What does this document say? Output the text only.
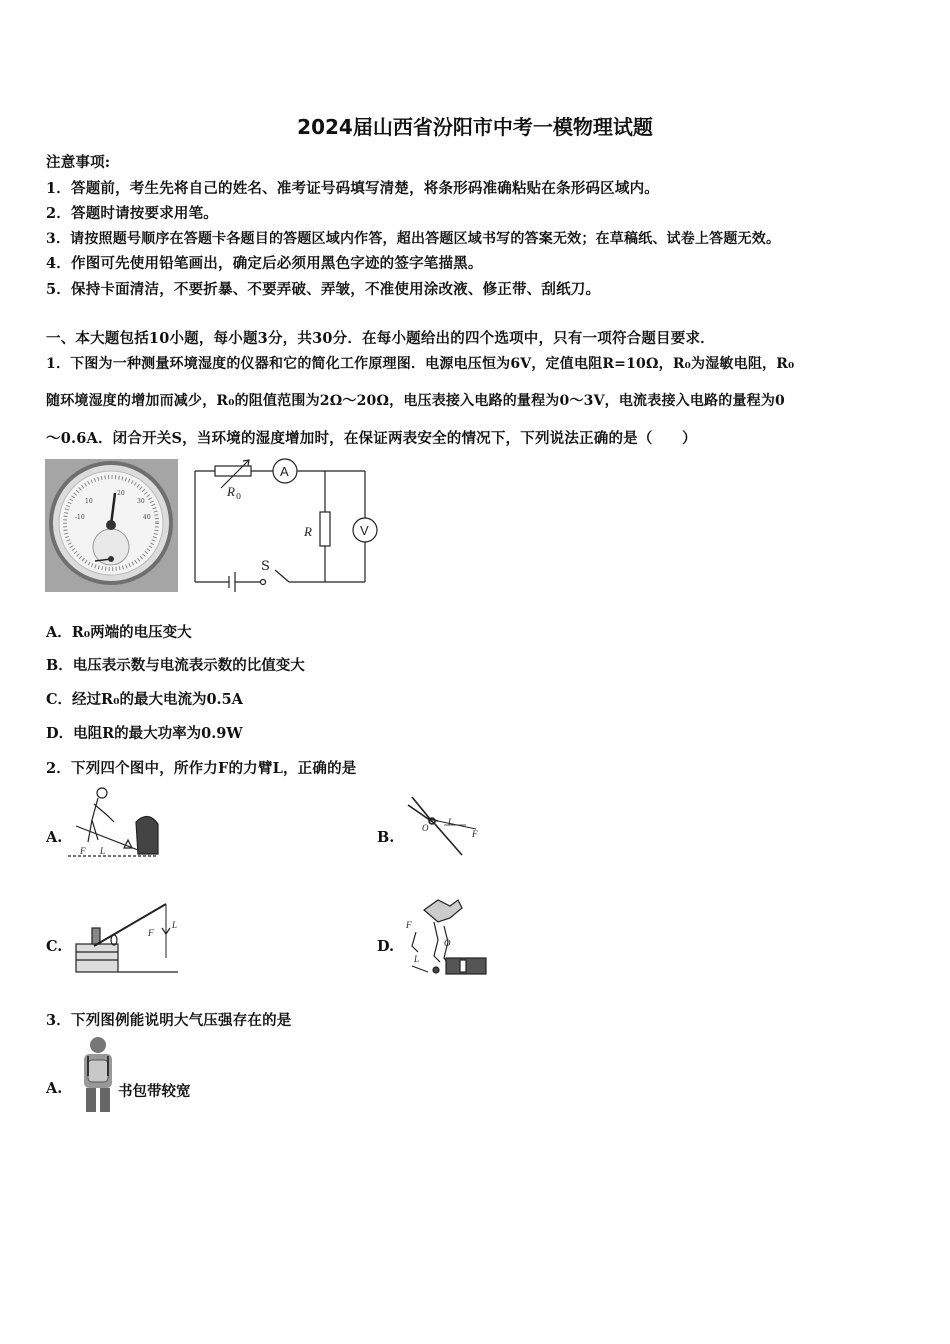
2024届山西省汾阳市中考一模物理试题
注意事项:
1．答题前，考生先将自己的姓名、准考证号码填写清楚，将条形码准确粘贴在条形码区域内。
2．答题时请按要求用笔。
3．请按照题号顺序在答题卡各题目的答题区域内作答，超出答题区域书写的答案无效；在草稿纸、试卷上答题无效。
4．作图可先使用铅笔画出，确定后必须用黑色字迹的签字笔描黑。
5．保持卡面清洁，不要折暴、不要弄破、弄皱，不准使用涂改液、修正带、刮纸刀。
一、本大题包括10小题，每小题3分，共30分．在每小题给出的四个选项中，只有一项符合题目要求．
1．下图为一种测量环境湿度的仪器和它的简化工作原理图．电源电压恒为6V，定值电阻R=10Ω，R₀为湿敏电阻，R₀
随环境湿度的增加而减少，R₀的阻值范围为2Ω～20Ω，电压表接入电路的量程为0～3V，电流表接入电路的量程为0
～0.6A．闭合开关S，当环境的湿度增加时，在保证两表安全的情况下，下列说法正确的是（　　）
10
20
30
40
-10
R 0
A
R	V
S
A．R₀两端的电压变大
B．电压表示数与电流表示数的比值变大
C．经过R₀的最大电流为0.5A
D．电阻R的最大功率为0.9W
2．下列四个图中，所作力F的力臂L，正确的是
A.
F L
B.
O
L
F
C.
F
L
D.
F
L
O
3．下列图例能说明大气压强存在的是
A.	书包带较宽
